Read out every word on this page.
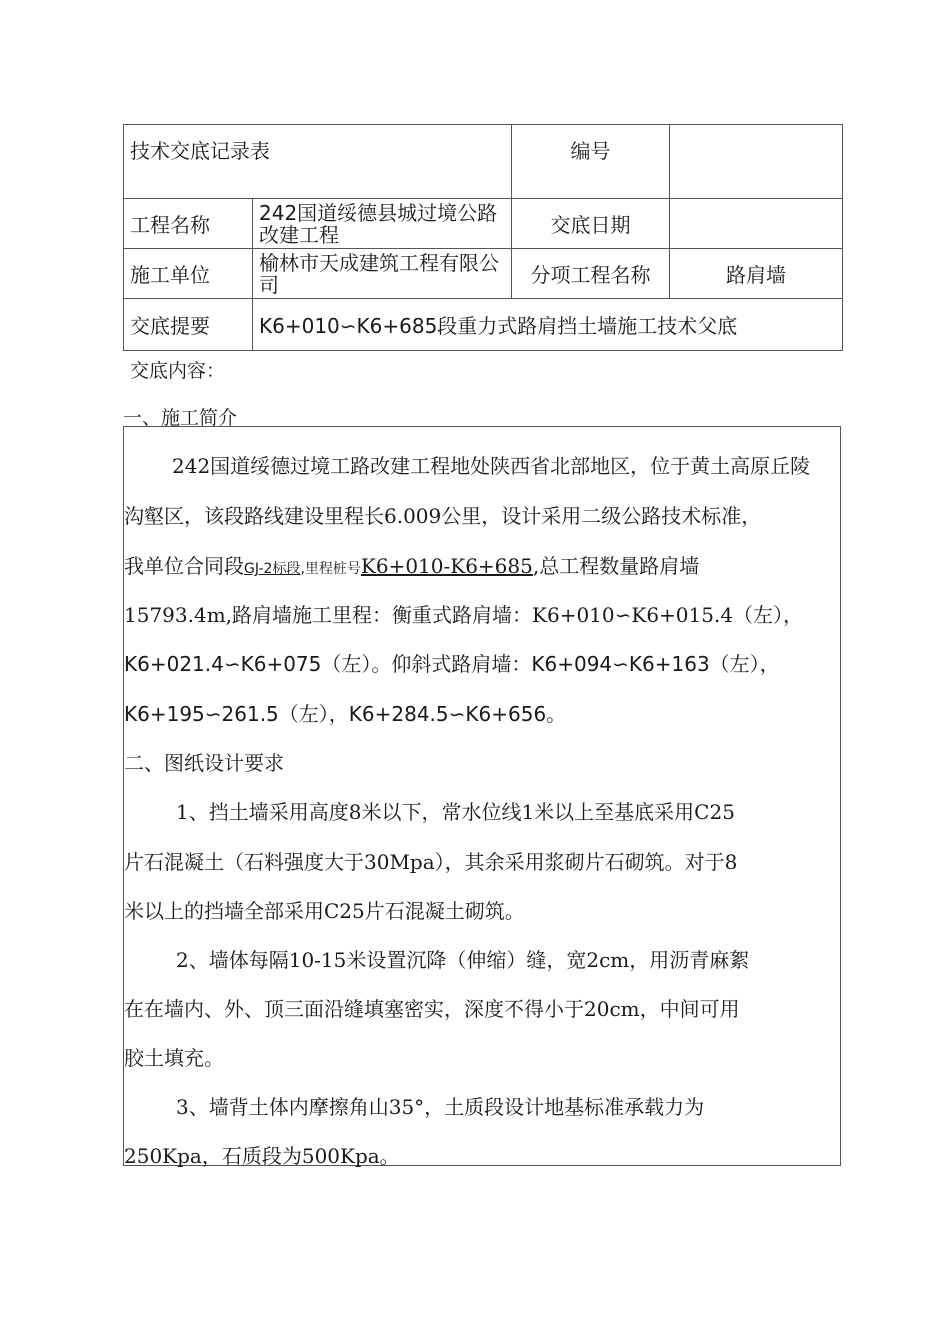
技术交底记录表		编号	
工程名称	242国道绥德县城过境公路改建工程	交底日期	
施工单位	榆林市天成建筑工程有限公司	分项工程名称	路肩墙
交底提要	K6+010∽K6+685段重力式路肩挡土墙施工技术父底		
交底内容：
一、施工简介
242国道绥德过境工路改建工程地处陕西省北部地区，位于黄土高原丘陵
沟壑区，该段路线建设里程长6.009公里，设计采用二级公路技术标准，
我单位合同段GJ-2标段,里程桩号K6+010-K6+685,总工程数量路肩墙
15793.4m,路肩墙施工里程：衡重式路肩墙：K6+010∽K6+015.4（左），
K6+021.4∽K6+075（左）。仰斜式路肩墙：K6+094∽K6+163（左），
K6+195∽261.5（左），K6+284.5∽K6+656。
二、图纸设计要求
1、挡土墙采用高度8米以下，常水位线1米以上至基底采用C25
片石混凝土（石料强度大于30Mpa），其余采用浆砌片石砌筑。对于8
米以上的挡墙全部采用C25片石混凝土砌筑。
2、墙体每隔10-15米设置沉降（伸缩）缝，宽2cm，用沥青麻絮
在在墙内、外、顶三面沿缝填塞密实，深度不得小于20cm，中间可用
胶土填充。
3、墙背土体内摩擦角山35°，土质段设计地基标准承载力为
250Kpa，石质段为500Kpa。
